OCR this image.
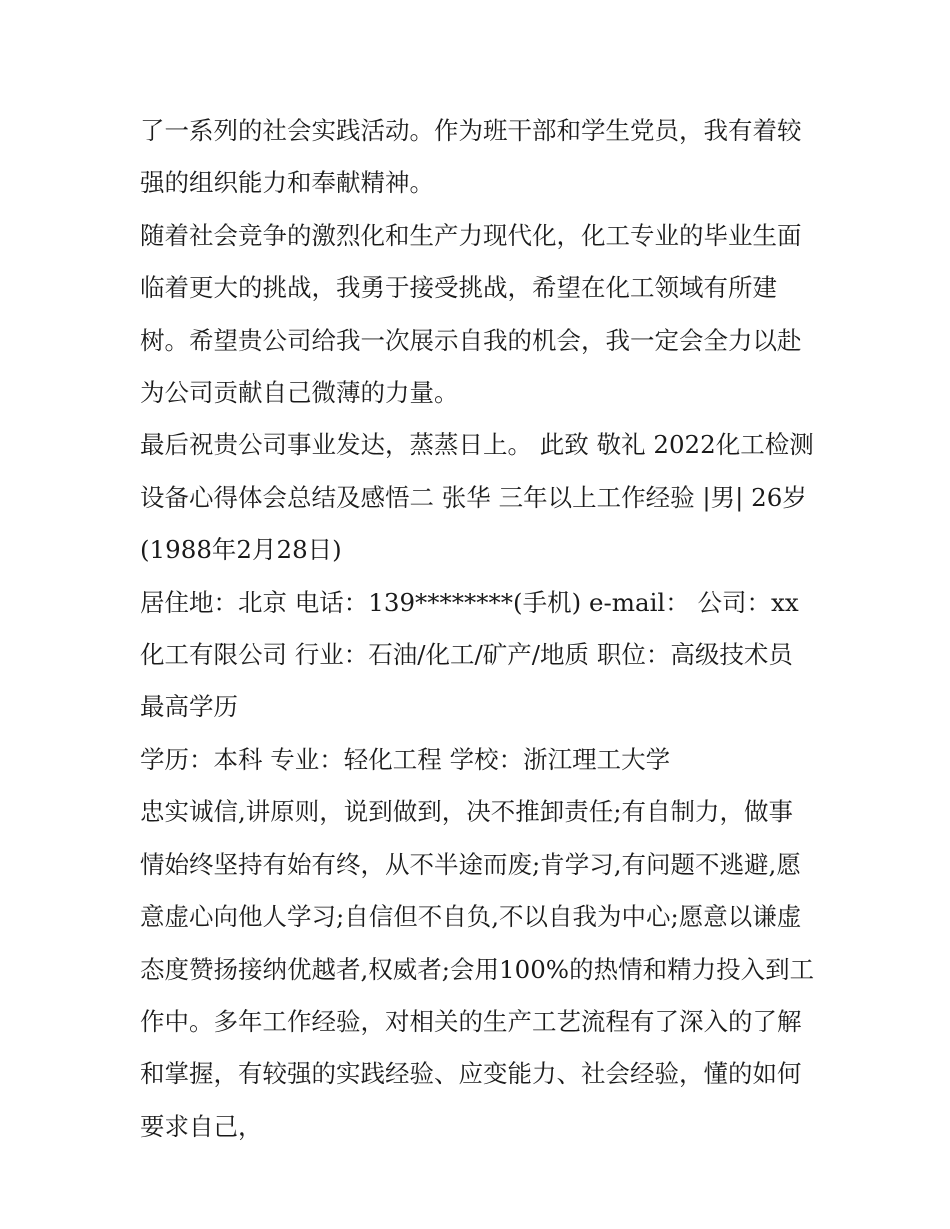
了一系列的社会实践活动。作为班干部和学生党员，我有着较强的组织能力和奉献精神。

随着社会竞争的激烈化和生产力现代化，化工专业的毕业生面临着更大的挑战，我勇于接受挑战，希望在化工领域有所建树。希望贵公司给我一次展示自我的机会，我一定会全力以赴为公司贡献自己微薄的力量。

最后祝贵公司事业发达，蒸蒸日上。 此致 敬礼 2022化工检测设备心得体会总结及感悟二 张华 三年以上工作经验 |男| 26岁(1988年2月28日)

居住地：北京 电话：139********(手机) e-mail： 公司：xx化工有限公司 行业：石油/化工/矿产/地质 职位：高级技术员 最高学历

学历：本科 专业：轻化工程 学校：浙江理工大学

忠实诚信,讲原则，说到做到，决不推卸责任;有自制力，做事情始终坚持有始有终，从不半途而废;肯学习,有问题不逃避,愿意虚心向他人学习;自信但不自负,不以自我为中心;愿意以谦虚态度赞扬接纳优越者,权威者;会用100%的热情和精力投入到工作中。多年工作经验，对相关的生产工艺流程有了深入的了解和掌握，有较强的实践经验、应变能力、社会经验，懂的如何要求自己，
